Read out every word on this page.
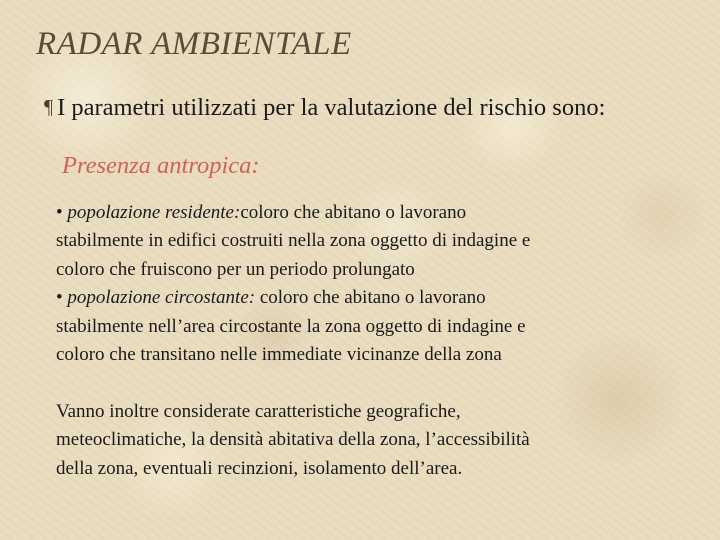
RADAR AMBIENTALE
¶ I parametri utilizzati per la valutazione del rischio sono:
Presenza antropica:
• popolazione residente:coloro che abitano o lavorano
stabilmente in edifici costruiti nella zona oggetto di indagine e
coloro che fruiscono per un periodo prolungato
• popolazione circostante: coloro che abitano o lavorano
stabilmente nell’area circostante la zona oggetto di indagine e
coloro che transitano nelle immediate vicinanze della zona
Vanno inoltre considerate caratteristiche geografiche,
meteoclimatiche, la densità abitativa della zona, l’accessibilità
della zona, eventuali recinzioni, isolamento dell’area.
